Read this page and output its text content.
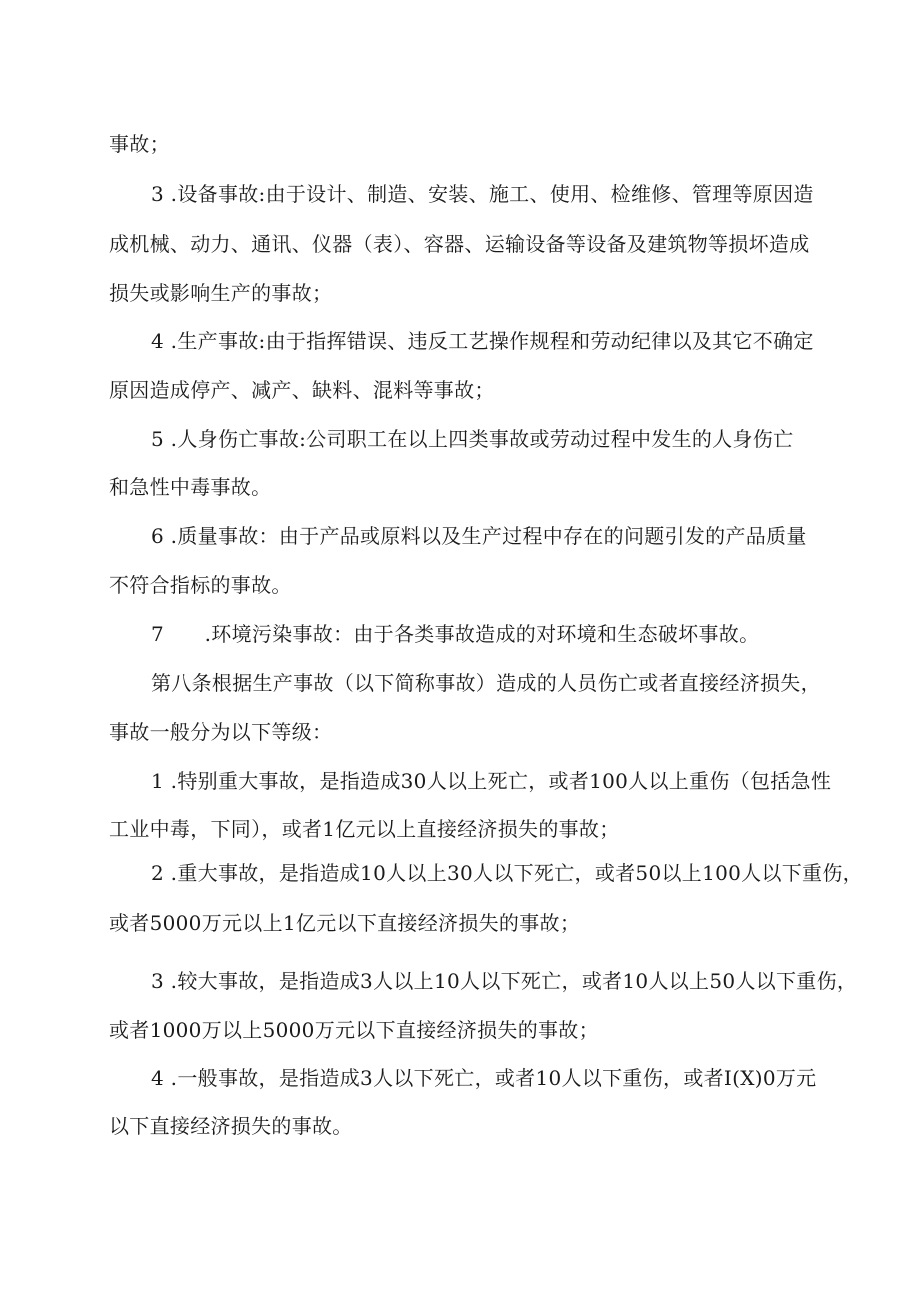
事故；
3 .设备事故:由于设计、制造、安装、施工、使用、检维修、管理等原因造
成机械、动力、通讯、仪器（表）、容器、运输设备等设备及建筑物等损坏造成
损失或影响生产的事故；
4 .生产事故:由于指挥错误、违反工艺操作规程和劳动纪律以及其它不确定
原因造成停产、减产、缺料、混料等事故；
5 .人身伤亡事故:公司职工在以上四类事故或劳动过程中发生的人身伤亡
和急性中毒事故。
6 .质量事故：由于产品或原料以及生产过程中存在的问题引发的产品质量
不符合指标的事故。
7　　.环境污染事故：由于各类事故造成的对环境和生态破坏事故。
第八条根据生产事故（以下简称事故）造成的人员伤亡或者直接经济损失，
事故一般分为以下等级：
1 .特别重大事故，是指造成30人以上死亡，或者100人以上重伤（包括急性
工业中毒，下同），或者1亿元以上直接经济损失的事故；
2 .重大事故，是指造成10人以上30人以下死亡，或者50以上100人以下重伤，
或者5000万元以上1亿元以下直接经济损失的事故；
3 .较大事故，是指造成3人以上10人以下死亡，或者10人以上50人以下重伤，
或者1000万以上5000万元以下直接经济损失的事故；
4 .一般事故，是指造成3人以下死亡，或者10人以下重伤，或者I(X)0万元
以下直接经济损失的事故。
